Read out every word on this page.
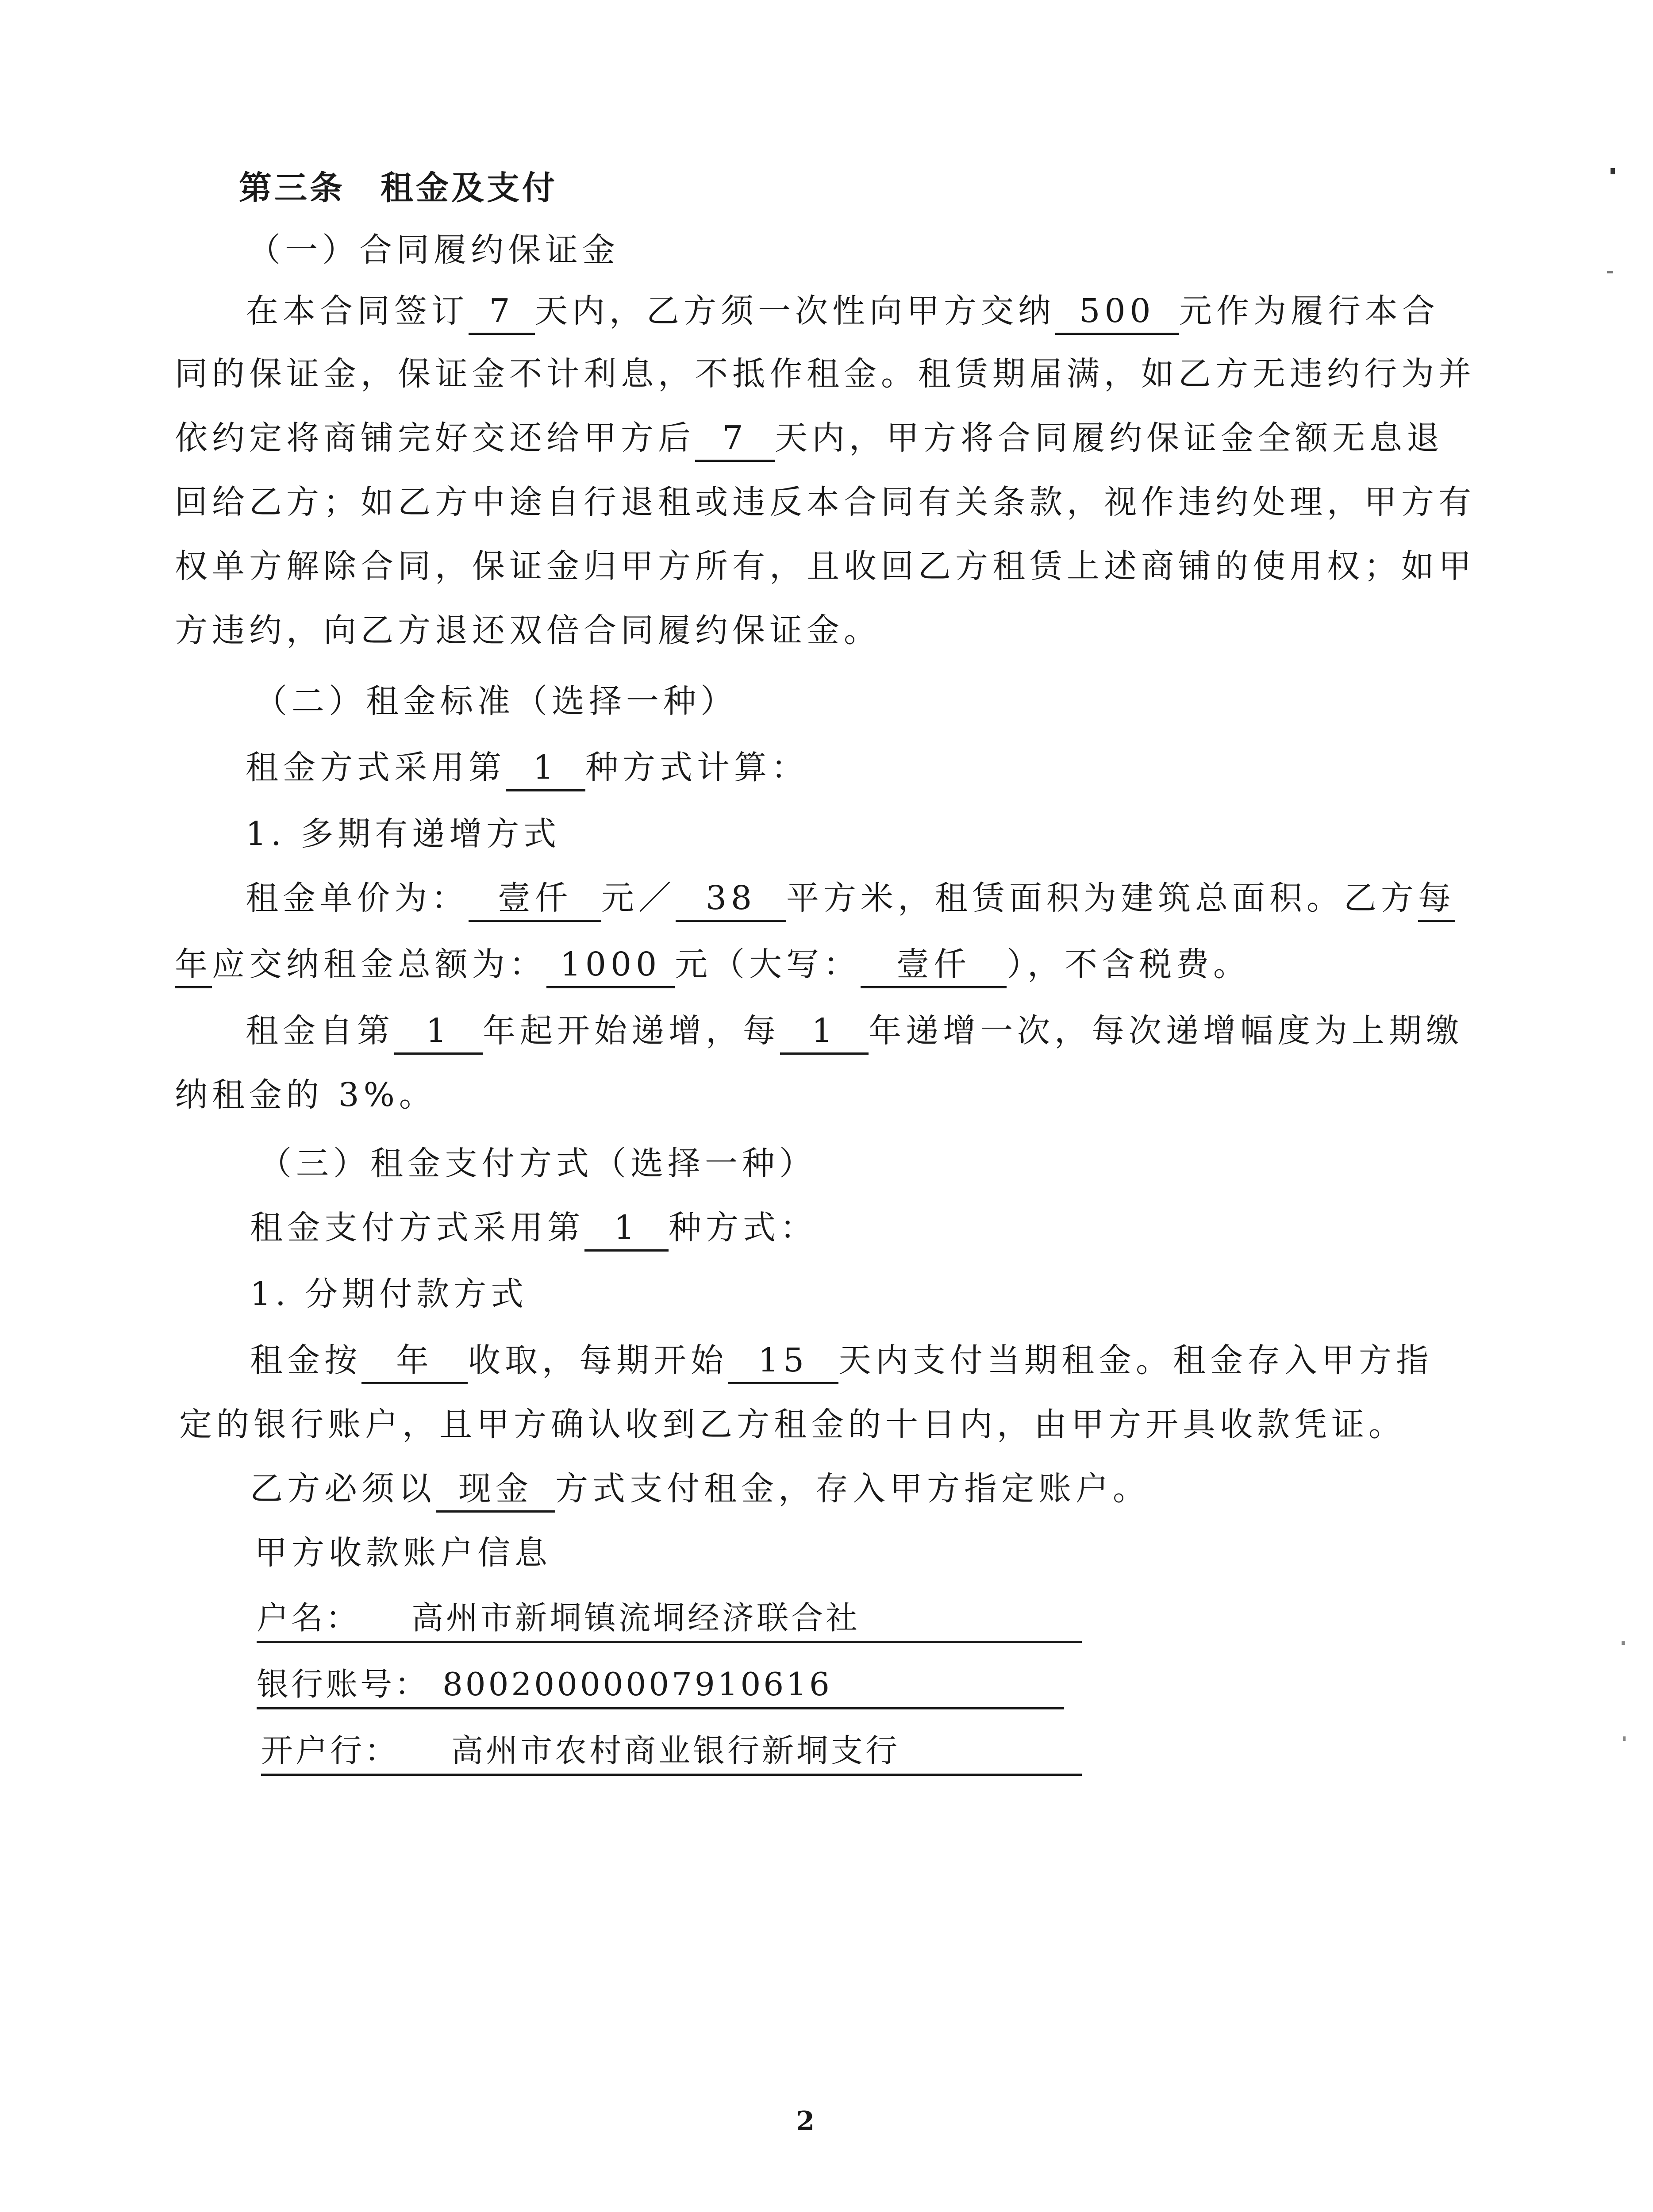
第三条　租金及支付
（一）合同履约保证金
在本合同签订 7 天内，乙方须一次性向甲方交纳 500 元作为履行本合
同的保证金，保证金不计利息，不抵作租金。租赁期届满，如乙方无违约行为并
依约定将商铺完好交还给甲方后 7 天内，甲方将合同履约保证金全额无息退
回给乙方；如乙方中途自行退租或违反本合同有关条款，视作违约处理，甲方有
权单方解除合同，保证金归甲方所有，且收回乙方租赁上述商铺的使用权；如甲
方违约，向乙方退还双倍合同履约保证金。
（二）租金标准（选择一种）
租金方式采用第 1 种方式计算：
1. 多期有递增方式
租金单价为： 壹仟 元／ 38 平方米，租赁面积为建筑总面积。乙方每
年应交纳租金总额为： 1000 元（大写： 壹仟 ），不含税费。
租金自第 1 年起开始递增，每 1 年递增一次，每次递增幅度为上期缴
纳租金的 3%。
（三）租金支付方式（选择一种）
租金支付方式采用第 1 种方式：
1. 分期付款方式
租金按 年 收取，每期开始 15 天内支付当期租金。租金存入甲方指
定的银行账户，且甲方确认收到乙方租金的十日内，由甲方开具收款凭证。
乙方必须以 现金 方式支付租金，存入甲方指定账户。
甲方收款账户信息
户名： 高州市新垌镇流垌经济联合社
银行账号： 80020000007910616
开户行： 高州市农村商业银行新垌支行
2
